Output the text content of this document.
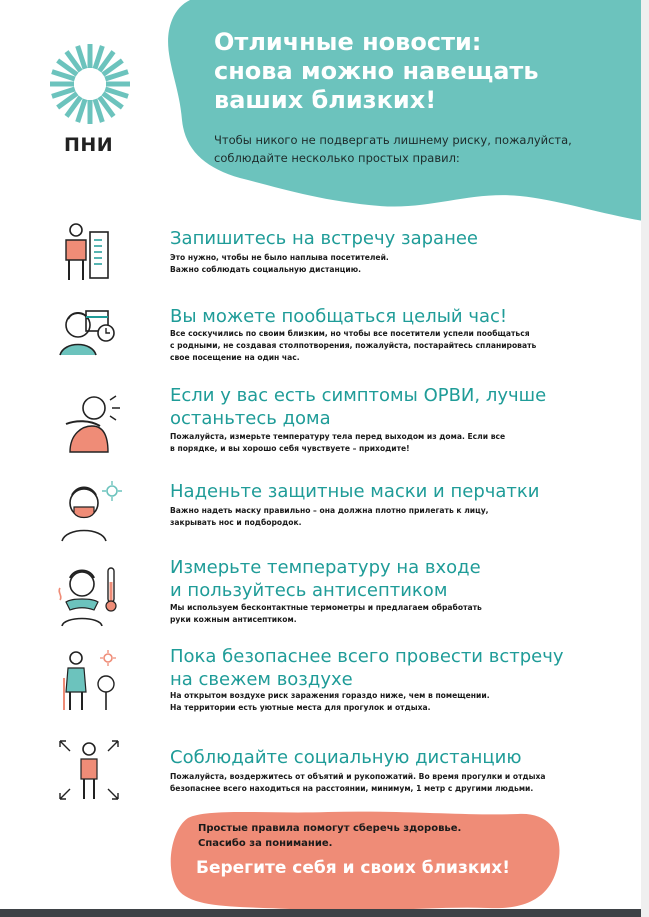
ПНИ
Отличные новости:
снова можно навещать
ваших близких!
Чтобы никого не подвергать лишнему риску, пожалуйста,
соблюдайте несколько простых правил:
Запишитесь на встречу заранее
Это нужно, чтобы не было наплыва посетителей.
Важно соблюдать социальную дистанцию.
Вы можете пообщаться целый час!
Все соскучились по своим близким, но чтобы все посетители успели пообщаться
с родными, не создавая столпотворения, пожалуйста, постарайтесь спланировать
свое посещение на один час.
Если у вас есть симптомы ОРВИ, лучше
останьтесь дома
Пожалуйста, измерьте температуру тела перед выходом из дома. Если все
в порядке, и вы хорошо себя чувствуете – приходите!
Наденьте защитные маски и перчатки
Важно надеть маску правильно – она должна плотно прилегать к лицу,
закрывать нос и подбородок.
Измерьте температуру на входе
и пользуйтесь антисептиком
Мы используем бесконтактные термометры и предлагаем обработать
руки кожным антисептиком.
Пока безопаснее всего провести встречу
на свежем воздухе
На открытом воздухе риск заражения гораздо ниже, чем в помещении.
На территории есть уютные места для прогулок и отдыха.
Соблюдайте социальную дистанцию
Пожалуйста, воздержитесь от объятий и рукопожатий. Во время прогулки и отдыха
безопаснее всего находиться на расстоянии, минимум, 1 метр с другими людьми.
Простые правила помогут сберечь здоровье.
Спасибо за понимание.
Берегите себя и своих близких!
